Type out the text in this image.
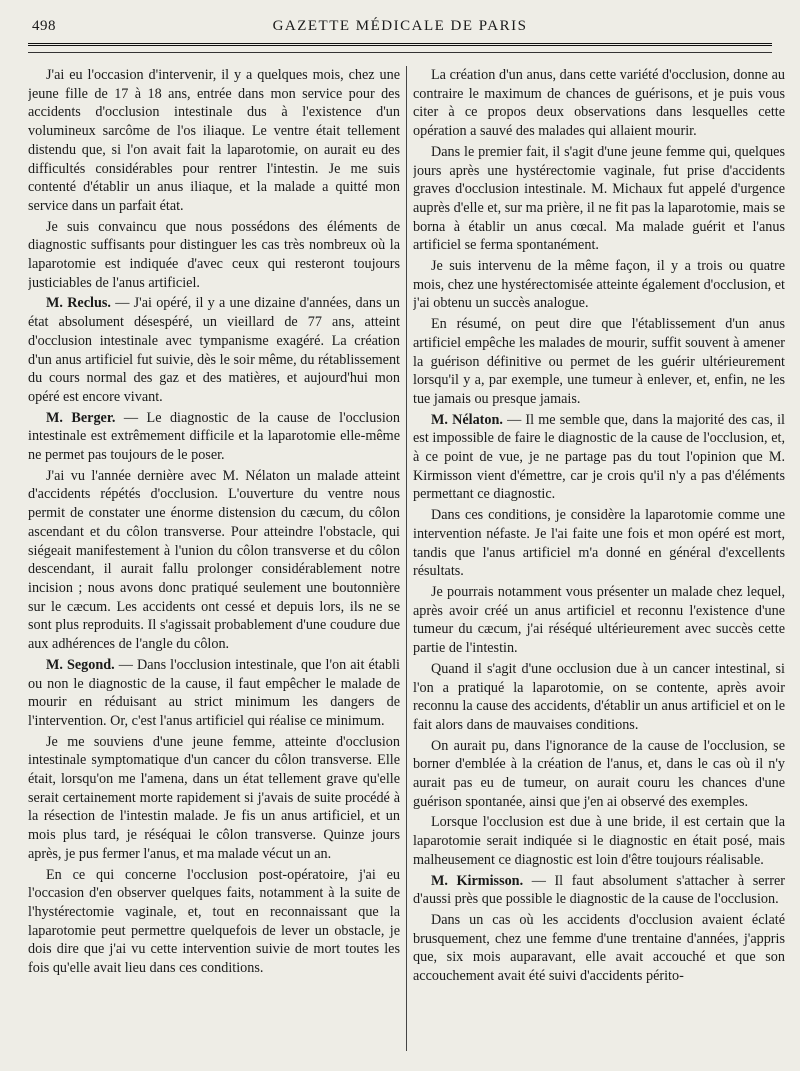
498	GAZETTE MÉDICALE DE PARIS

J'ai eu l'occasion d'intervenir, il y a quelques mois, chez une jeune fille de 17 à 18 ans, entrée dans mon service pour des accidents d'occlusion intestinale dus à l'existence d'un volumineux sarcôme de l'os iliaque. Le ventre était tellement distendu que, si l'on avait fait la laparotomie, on aurait eu des difficultés considérables pour rentrer l'intestin. Je me suis contenté d'établir un anus iliaque, et la malade a quitté mon service dans un parfait état.

Je suis convaincu que nous possédons des éléments de diagnostic suffisants pour distinguer les cas très nombreux où la laparotomie est indiquée d'avec ceux qui resteront toujours justiciables de l'anus artificiel.

M. Reclus. — J'ai opéré, il y a une dizaine d'années, dans un état absolument désespéré, un vieillard de 77 ans, atteint d'occlusion intestinale avec tympanisme exagéré. La création d'un anus artificiel fut suivie, dès le soir même, du rétablissement du cours normal des gaz et des matières, et aujourd'hui mon opéré est encore vivant.

M. Berger. — Le diagnostic de la cause de l'occlusion intestinale est extrêmement difficile et la laparotomie elle-même ne permet pas toujours de le poser.

J'ai vu l'année dernière avec M. Nélaton un malade atteint d'accidents répétés d'occlusion. L'ouverture du ventre nous permit de constater une énorme distension du cæcum, du côlon ascendant et du côlon transverse. Pour atteindre l'obstacle, qui siégeait manifestement à l'union du côlon transverse et du côlon descendant, il aurait fallu prolonger considérablement notre incision ; nous avons donc pratiqué seulement une boutonnière sur le cæcum. Les accidents ont cessé et depuis lors, ils ne se sont plus reproduits. Il s'agissait probablement d'une coudure due aux adhérences de l'angle du côlon.

M. Segond. — Dans l'occlusion intestinale, que l'on ait établi ou non le diagnostic de la cause, il faut empêcher le malade de mourir en réduisant au strict minimum les dangers de l'intervention. Or, c'est l'anus artificiel qui réalise ce minimum.

Je me souviens d'une jeune femme, atteinte d'occlusion intestinale symptomatique d'un cancer du côlon transverse. Elle était, lorsqu'on me l'amena, dans un état tellement grave qu'elle serait certainement morte rapidement si j'avais de suite procédé à la résection de l'intestin malade. Je fis un anus artificiel, et un mois plus tard, je réséquai le côlon transverse. Quinze jours après, je pus fermer l'anus, et ma malade vécut un an.

En ce qui concerne l'occlusion post-opératoire, j'ai eu l'occasion d'en observer quelques faits, notamment à la suite de l'hystérectomie vaginale, et, tout en reconnaissant que la laparotomie peut permettre quelquefois de lever un obstacle, je dois dire que j'ai vu cette intervention suivie de mort toutes les fois qu'elle avait lieu dans ces conditions.

La création d'un anus, dans cette variété d'occlusion, donne au contraire le maximum de chances de guérisons, et je puis vous citer à ce propos deux observations dans lesquelles cette opération a sauvé des malades qui allaient mourir.

Dans le premier fait, il s'agit d'une jeune femme qui, quelques jours après une hystérectomie vaginale, fut prise d'accidents graves d'occlusion intestinale. M. Michaux fut appelé d'urgence auprès d'elle et, sur ma prière, il ne fit pas la laparotomie, mais se borna à établir un anus cœcal. Ma malade guérit et l'anus artificiel se ferma spontanément.

Je suis intervenu de la même façon, il y a trois ou quatre mois, chez une hystérectomisée atteinte également d'occlusion, et j'ai obtenu un succès analogue.

En résumé, on peut dire que l'établissement d'un anus artificiel empêche les malades de mourir, suffit souvent à amener la guérison définitive ou permet de les guérir ultérieurement lorsqu'il y a, par exemple, une tumeur à enlever, et, enfin, ne les tue jamais ou presque jamais.

M. Nélaton. — Il me semble que, dans la majorité des cas, il est impossible de faire le diagnostic de la cause de l'occlusion, et, à ce point de vue, je ne partage pas du tout l'opinion que M. Kirmisson vient d'émettre, car je crois qu'il n'y a pas d'éléments permettant ce diagnostic.

Dans ces conditions, je considère la laparotomie comme une intervention néfaste. Je l'ai faite une fois et mon opéré est mort, tandis que l'anus artificiel m'a donné en général d'excellents résultats.

Je pourrais notamment vous présenter un malade chez lequel, après avoir créé un anus artificiel et reconnu l'existence d'une tumeur du cæcum, j'ai réséqué ultérieurement avec succès cette partie de l'intestin.

Quand il s'agit d'une occlusion due à un cancer intestinal, si l'on a pratiqué la laparotomie, on se contente, après avoir reconnu la cause des accidents, d'établir un anus artificiel et on le fait alors dans de mauvaises conditions.

On aurait pu, dans l'ignorance de la cause de l'occlusion, se borner d'emblée à la création de l'anus, et, dans le cas où il n'y aurait pas eu de tumeur, on aurait couru les chances d'une guérison spontanée, ainsi que j'en ai observé des exemples.

Lorsque l'occlusion est due à une bride, il est certain que la laparotomie serait indiquée si le diagnostic en était posé, mais malheusement ce diagnostic est loin d'être toujours réalisable.

M. Kirmisson. — Il faut absolument s'attacher à serrer d'aussi près que possible le diagnostic de la cause de l'occlusion.

Dans un cas où les accidents d'occlusion avaient éclaté brusquement, chez une femme d'une trentaine d'années, j'appris que, six mois auparavant, elle avait accouché et que son accouchement avait été suivi d'accidents périto-
